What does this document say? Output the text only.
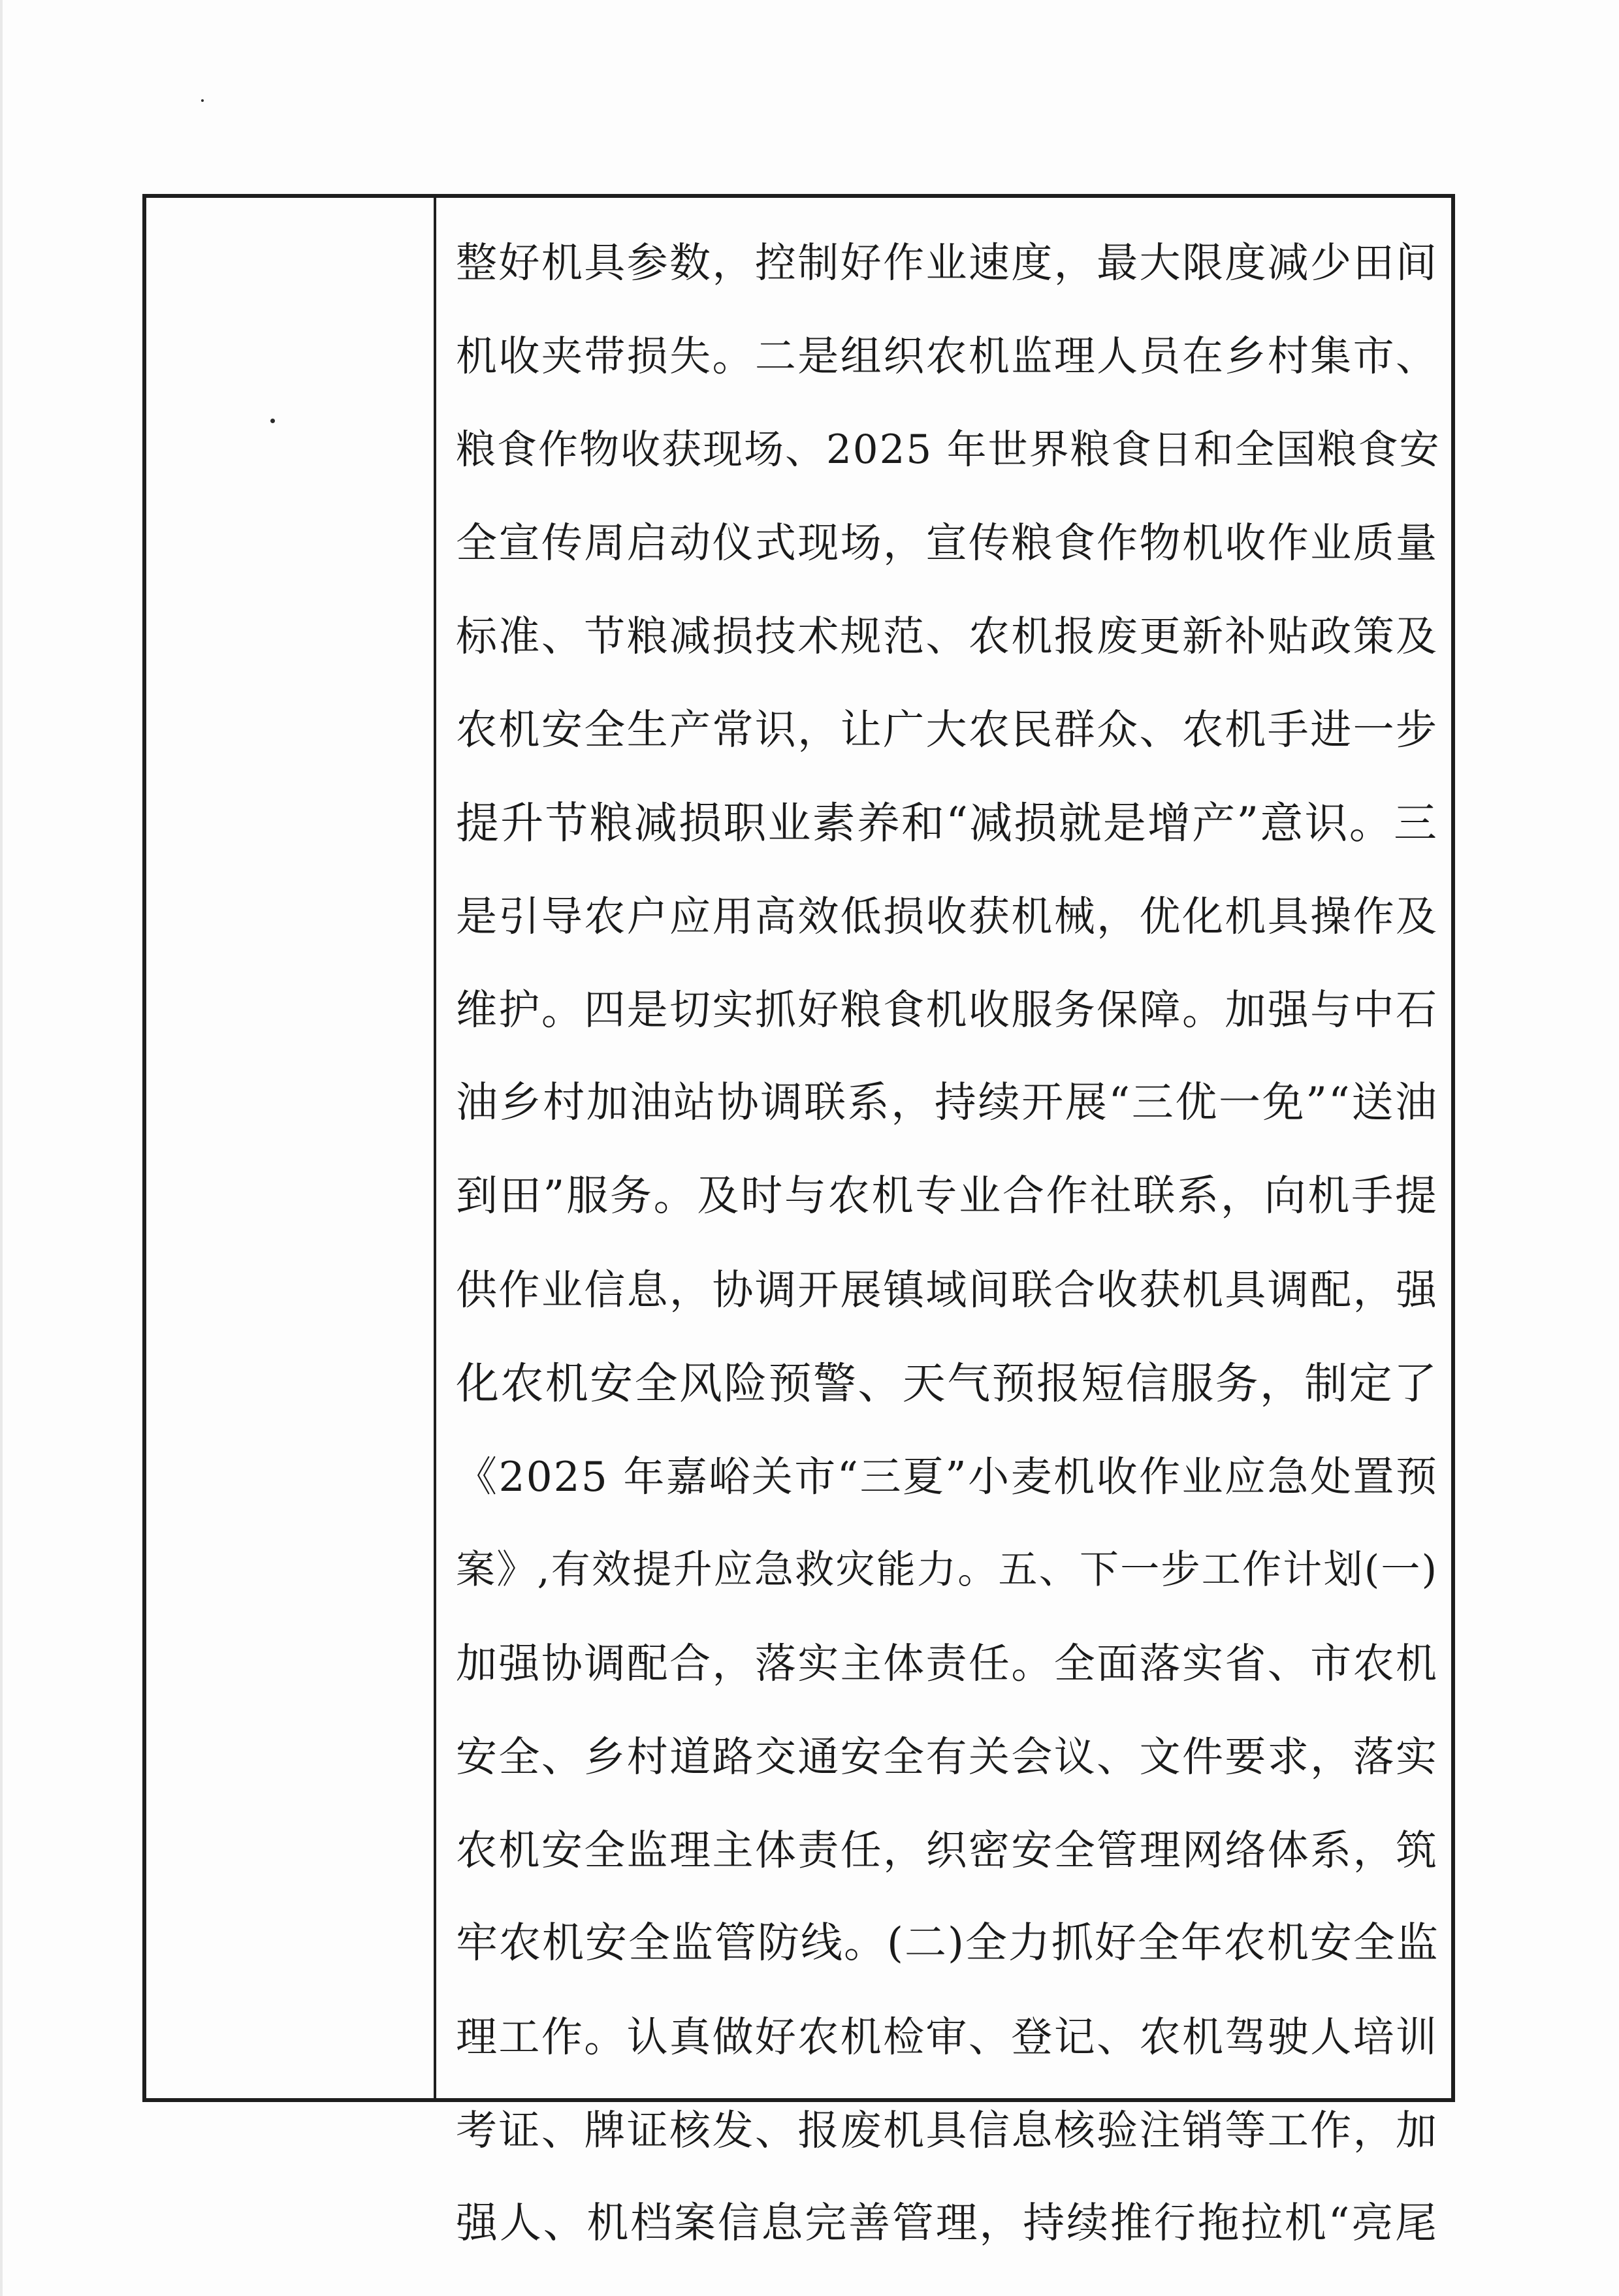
整好机具参数，控制好作业速度，最大限度减少田间
机收夹带损失。二是组织农机监理人员在乡村集市、
粮食作物收获现场、2025 年世界粮食日和全国粮食安
全宣传周启动仪式现场，宣传粮食作物机收作业质量
标准、节粮减损技术规范、农机报废更新补贴政策及
农机安全生产常识，让广大农民群众、农机手进一步
提升节粮减损职业素养和“减损就是增产”意识。三
是引导农户应用高效低损收获机械，优化机具操作及
维护。四是切实抓好粮食机收服务保障。加强与中石
油乡村加油站协调联系，持续开展“三优一免”“送油
到田”服务。及时与农机专业合作社联系，向机手提
供作业信息，协调开展镇域间联合收获机具调配，强
化农机安全风险预警、天气预报短信服务，制定了
《2025 年嘉峪关市“三夏”小麦机收作业应急处置预
案》,有效提升应急救灾能力。五、下一步工作计划(一)
加强协调配合，落实主体责任。全面落实省、市农机
安全、乡村道路交通安全有关会议、文件要求，落实
农机安全监理主体责任，织密安全管理网络体系，筑
牢农机安全监管防线。(二)全力抓好全年农机安全监
理工作。认真做好农机检审、登记、农机驾驶人培训
考证、牌证核发、报废机具信息核验注销等工作，加
强人、机档案信息完善管理，持续推行拖拉机“亮尾
